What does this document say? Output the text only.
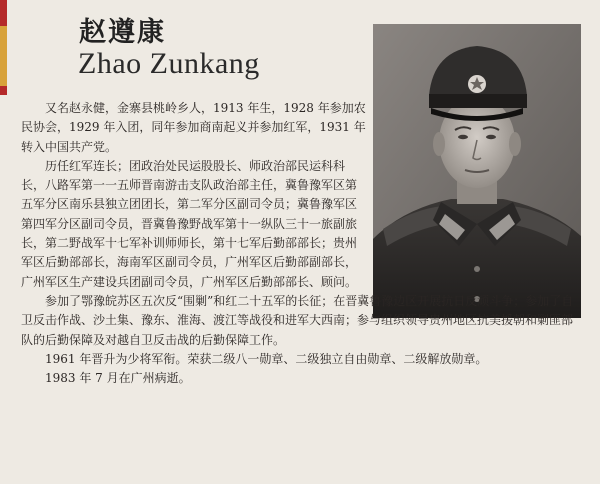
赵遵康
Zhao Zunkang

又名赵永健，金寨县桃岭乡人，1913 年生，1928 年参加农民协会，1929 年入团，同年参加商南起义并参加红军，1931 年转入中国共产党。

历任红军连长；团政治处民运股股长、师政治部民运科科长，八路军第一一五师晋南游击支队政治部主任，冀鲁豫军区第五军分区南乐县独立团团长，第二军分区副司令员；冀鲁豫军区第四军分区副司令员，晋冀鲁豫野战军第十一纵队三十一旅副旅长，第二野战军十七军补训师师长，第十七军后勤部部长；贵州军区后勤部部长，海南军区副司令员，广州军区后勤部副部长，广州军区生产建设兵团副司令员，广州军区后勤部部长、顾问。

参加了鄂豫皖苏区五次反“围剿”和红二十五军的长征；在晋冀鲁豫边区开展抗日反顽斗争；参加了自卫反击作战、沙土集、豫东、淮海、渡江等战役和进军大西南；参与组织领导贵州地区抗美援朝和剿匪部队的后勤保障及对越自卫反击战的后勤保障工作。

1961 年晋升为少将军衔。荣获二级八一勋章、二级独立自由勋章、二级解放勋章。

1983 年 7 月在广州病逝。
